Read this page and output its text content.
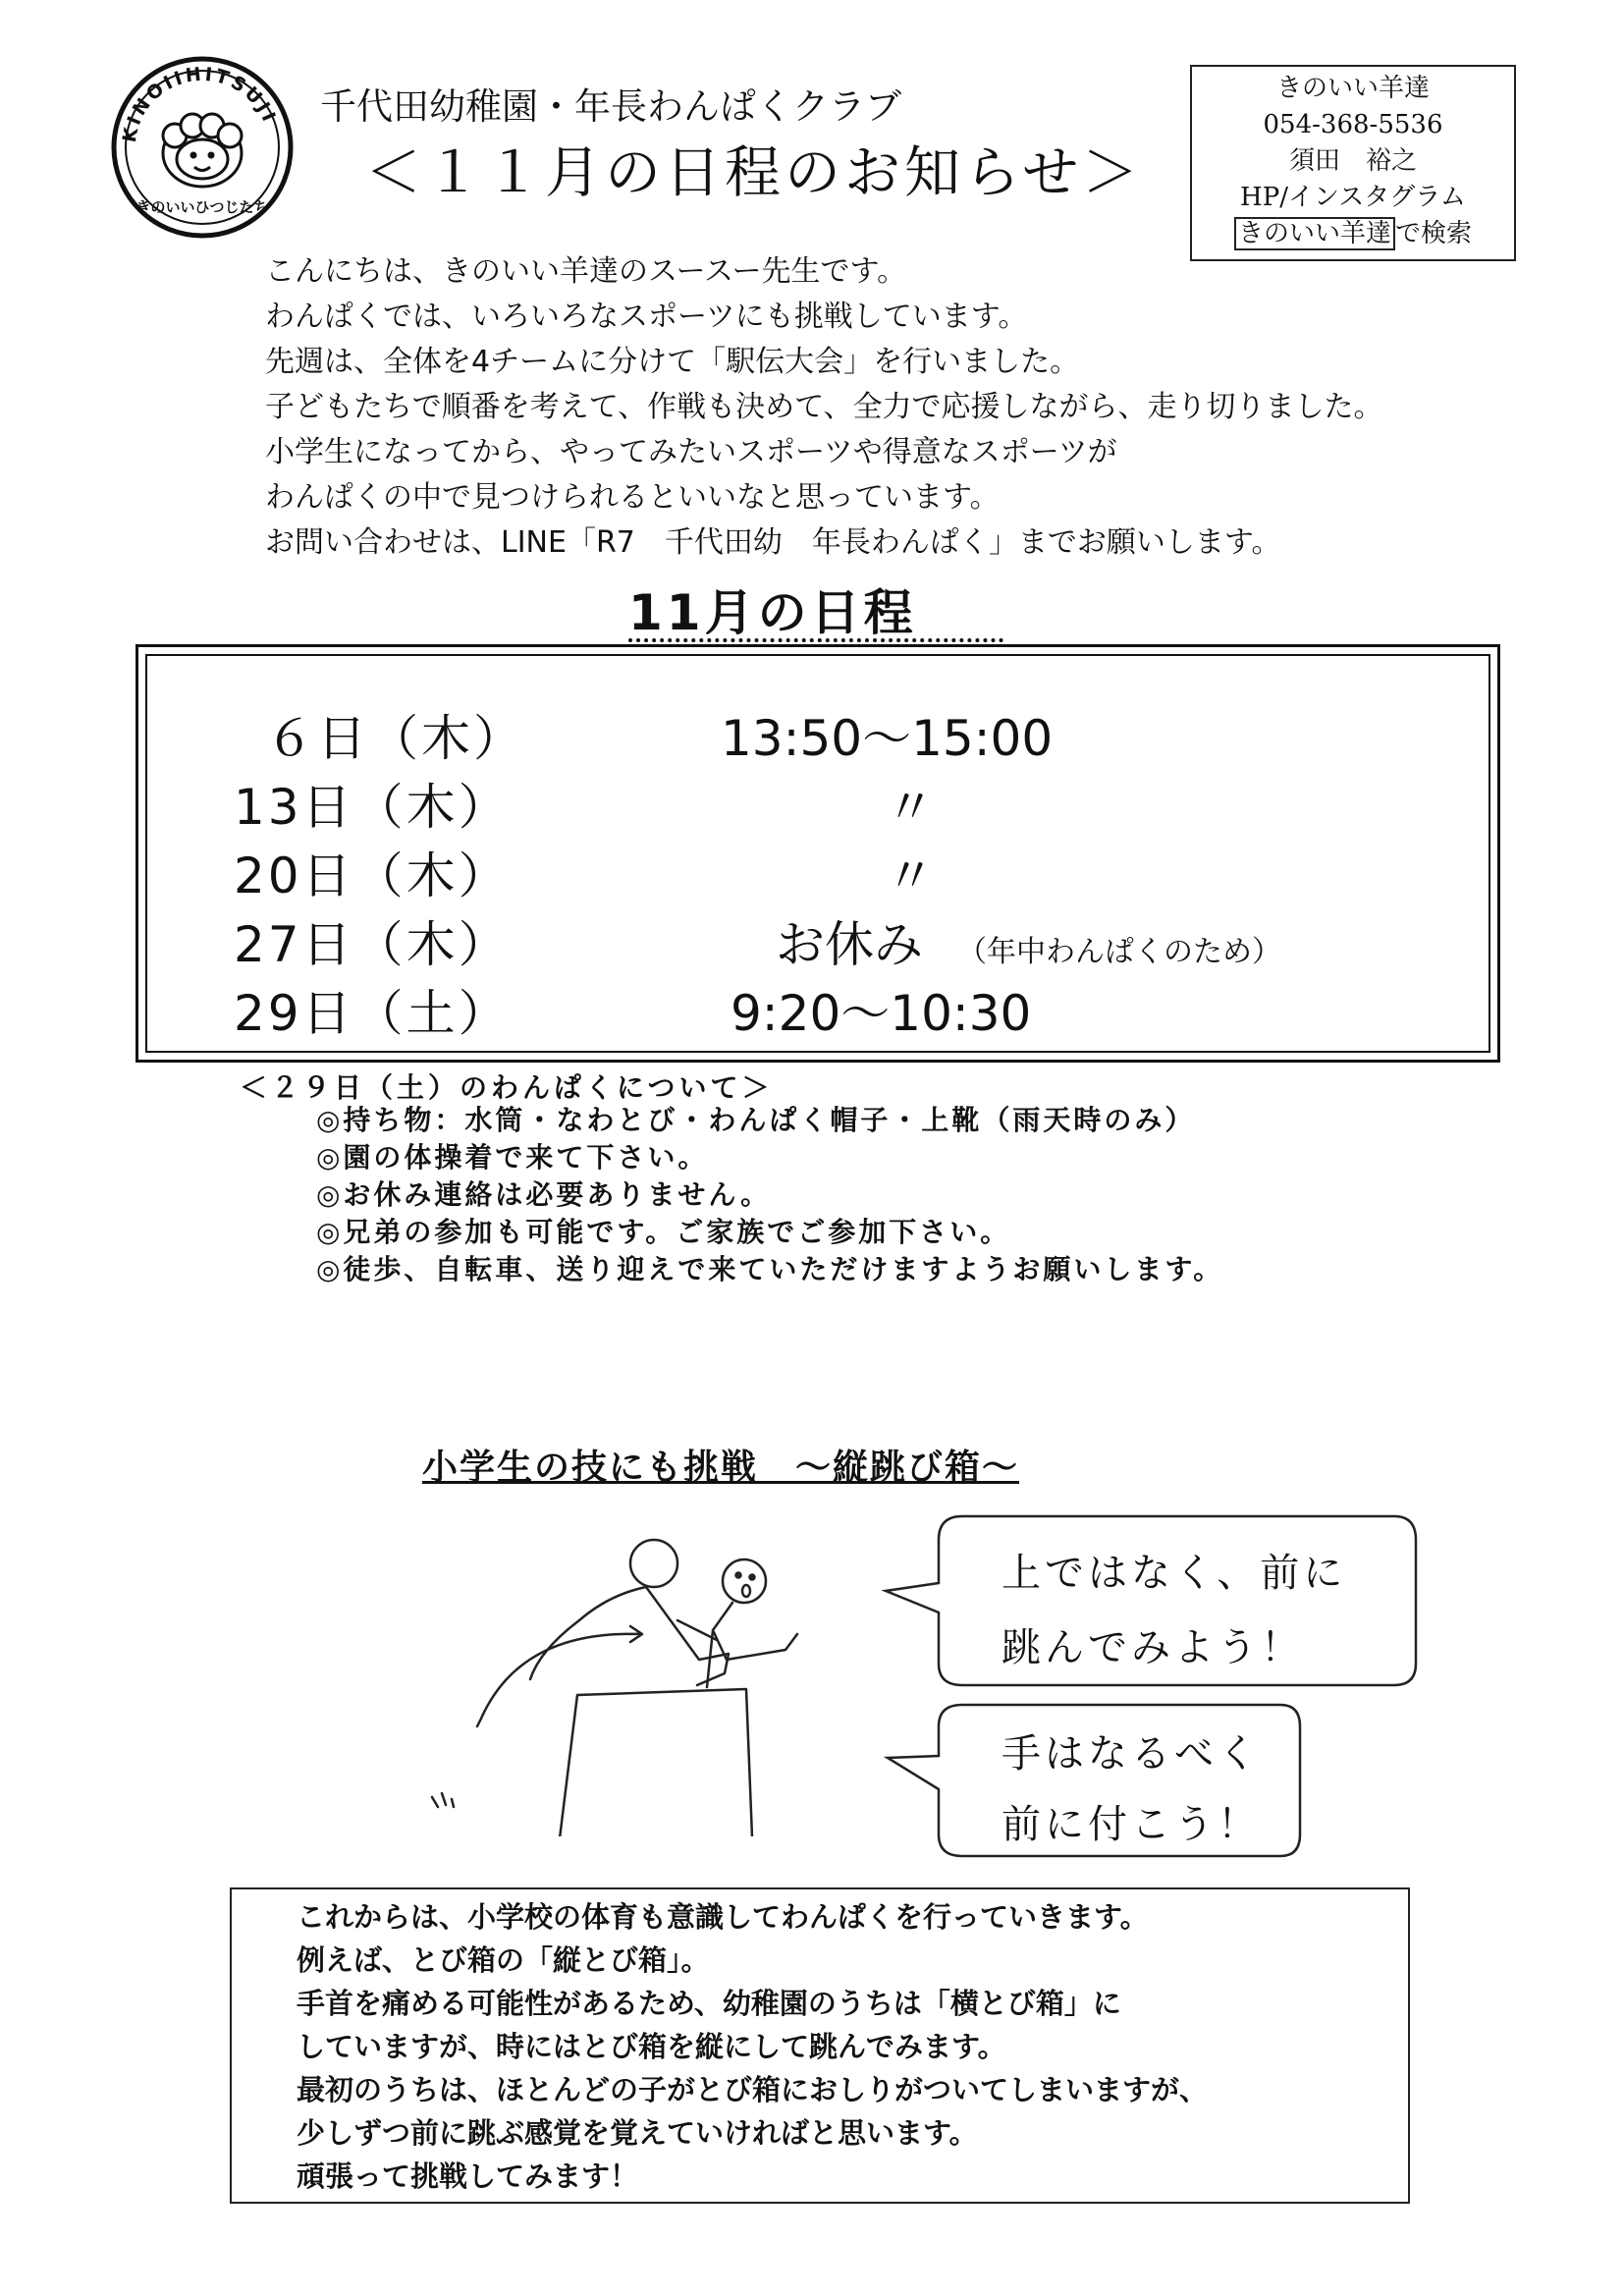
KINOIIHITSUJI
きのいいひつじたち
千代田幼稚園・年長わんぱくクラブ
＜１１月の日程のお知らせ＞
きのいい羊達
054-368-5536
須田　裕之
HP/インスタグラム
きのいい羊達 で検索
こんにちは、きのいい羊達のスースー先生です。
わんぱくでは、いろいろなスポーツにも挑戦しています。
先週は、全体を4チームに分けて「駅伝大会」を行いました。
子どもたちで順番を考えて、作戦も決めて、全力で応援しながら、走り切りました。
小学生になってから、やってみたいスポーツや得意なスポーツが
わんぱくの中で見つけられるといいなと思っています。
お問い合わせは、LINE「R7　千代田幼　年長わんぱく」までお願いします。
11月の日程
６日（木）	13:50〜15:00
13日（木）	〃
20日（木）	〃
27日（木）	お休み　 （年中わんぱくのため）
29日（土）	9:20〜10:30
＜２９日（土）のわんぱくについて＞
◎持ち物：水筒・なわとび・わんぱく帽子・上靴（雨天時のみ）
◎園の体操着で来て下さい。
◎お休み連絡は必要ありません。
◎兄弟の参加も可能です。ご家族でご参加下さい。
◎徒歩、自転車、送り迎えで来ていただけますようお願いします。
小学生の技にも挑戦　〜縦跳び箱〜
上ではなく、前に
跳んでみよう！
手はなるべく
前に付こう！
これからは、小学校の体育も意識してわんぱくを行っていきます。
例えば、とび箱の「縦とび箱」。
手首を痛める可能性があるため、幼稚園のうちは「横とび箱」に
していますが、時にはとび箱を縦にして跳んでみます。
最初のうちは、ほとんどの子がとび箱におしりがついてしまいますが、
少しずつ前に跳ぶ感覚を覚えていければと思います。
頑張って挑戦してみます！
